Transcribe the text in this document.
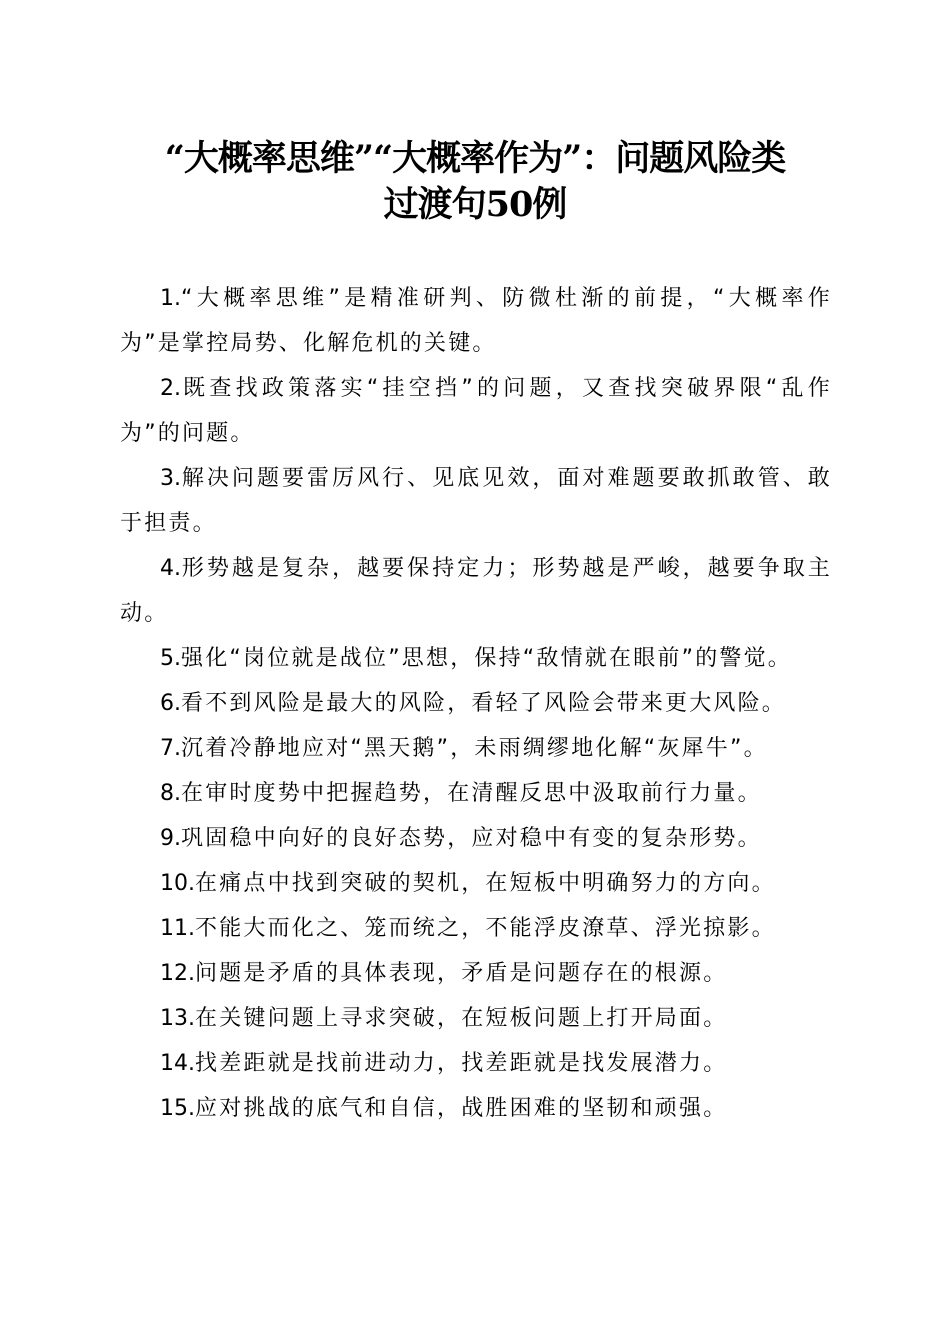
“大概率思维”“大概率作为”：问题风险类
过渡句50例

1.“大概率思维”是精准研判、防微杜渐的前提，“大概率作为”是掌控局势、化解危机的关键。

2.既查找政策落实“挂空挡”的问题，又查找突破界限“乱作为”的问题。

3.解决问题要雷厉风行、见底见效，面对难题要敢抓敢管、敢于担责。

4.形势越是复杂，越要保持定力；形势越是严峻，越要争取主动。

5.强化“岗位就是战位”思想，保持“敌情就在眼前”的警觉。

6.看不到风险是最大的风险，看轻了风险会带来更大风险。

7.沉着冷静地应对“黑天鹅”，未雨绸缪地化解“灰犀牛”。

8.在审时度势中把握趋势，在清醒反思中汲取前行力量。

9.巩固稳中向好的良好态势，应对稳中有变的复杂形势。

10.在痛点中找到突破的契机，在短板中明确努力的方向。

11.不能大而化之、笼而统之，不能浮皮潦草、浮光掠影。

12.问题是矛盾的具体表现，矛盾是问题存在的根源。

13.在关键问题上寻求突破，在短板问题上打开局面。

14.找差距就是找前进动力，找差距就是找发展潜力。

15.应对挑战的底气和自信，战胜困难的坚韧和顽强。
